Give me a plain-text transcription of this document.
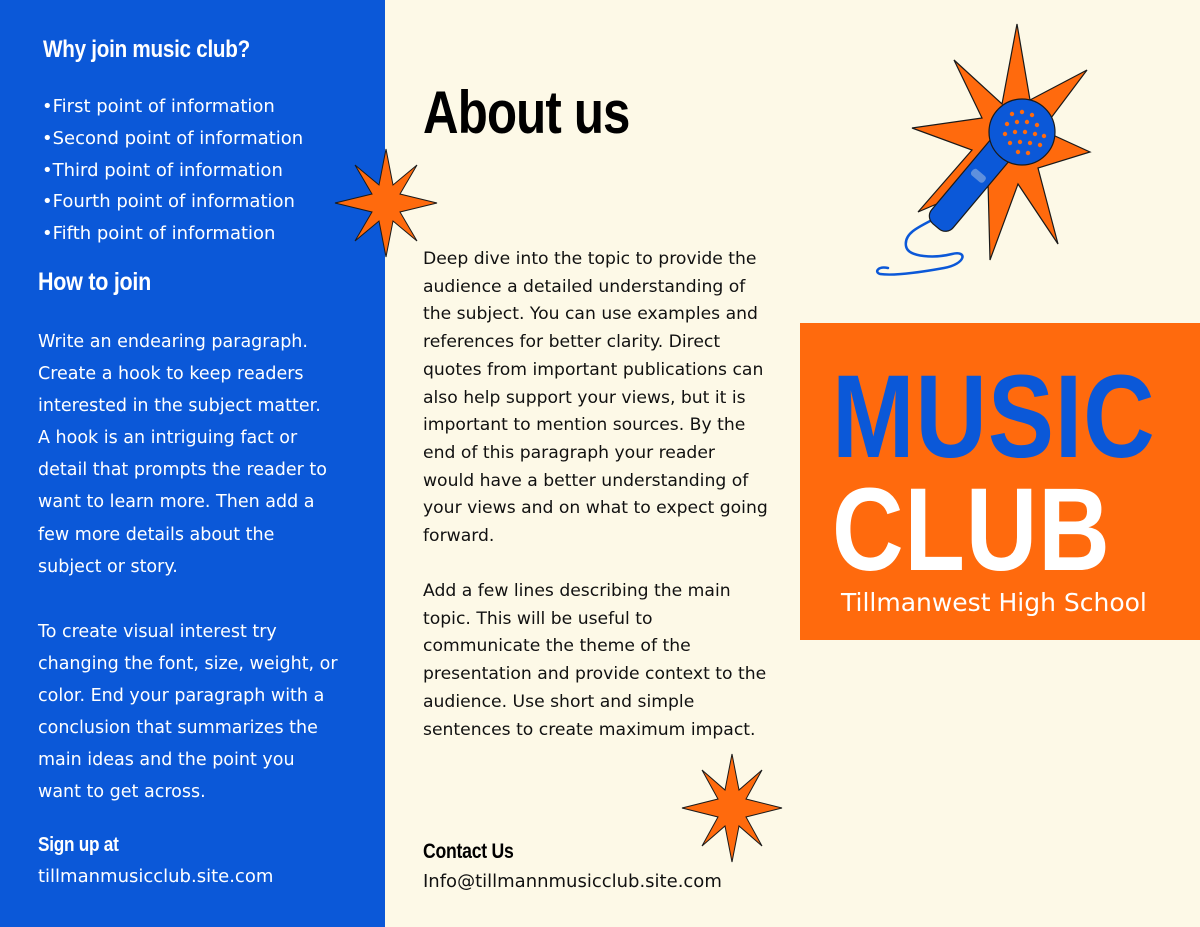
Why join music club?
• First point of information
• Second point of information
• Third point of information
• Fourth point of information
• Fifth point of information
How to join

Write an endearing paragraph. Create a hook to keep readers interested in the subject matter. A hook is an intriguing fact or detail that prompts the reader to want to learn more. Then add a few more details about the subject or story.

To create visual interest try changing the font, size, weight, or color. End your paragraph with a conclusion that summarizes the main ideas and the point you want to get across.

Sign up at
tillmanmusicclub.site.com
About us

Deep dive into the topic to provide the audience a detailed understanding of the subject. You can use examples and references for better clarity. Direct quotes from important publications can also help support your views, but it is important to mention sources. By the end of this paragraph your reader would have a better understanding of your views and on what to expect going forward.

Add a few lines describing the main topic. This will be useful to communicate the theme of the presentation and provide context to the audience. Use short and simple sentences to create maximum impact.

Contact Us
Info@tillmannmusicclub.site.com
MUSIC
CLUB
Tillmanwest High School
